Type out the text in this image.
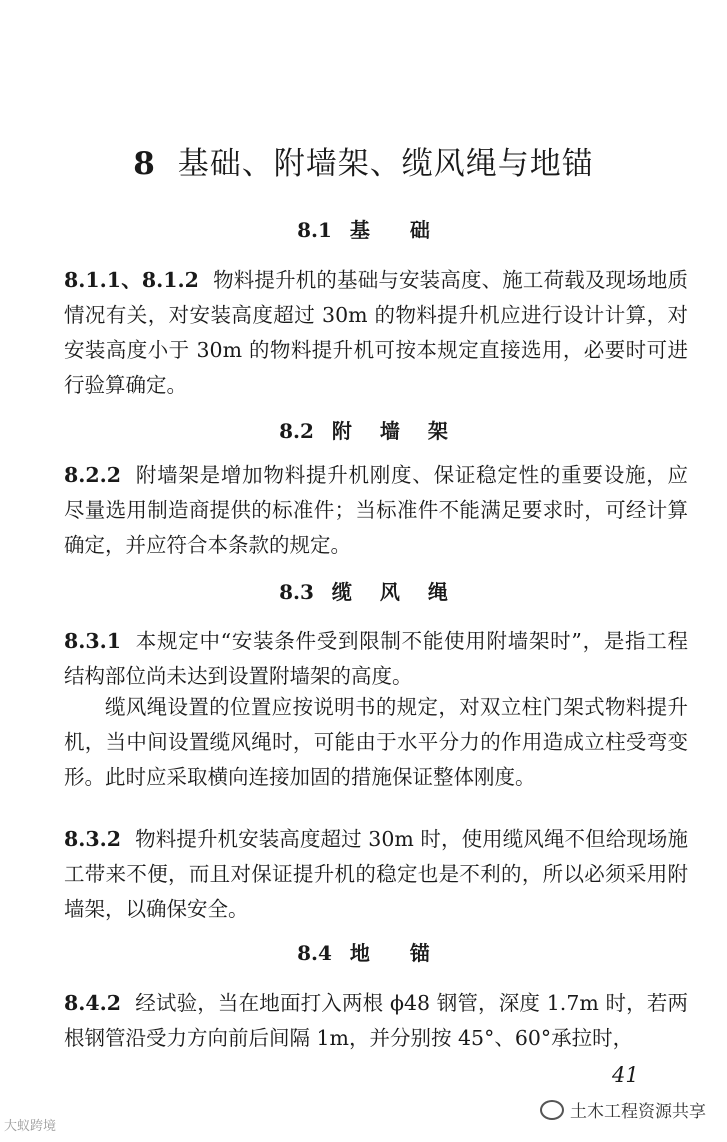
8 基础、附墙架、缆风绳与地锚
8.1 基础
8.1.1、8.1.2 物料提升机的基础与安装高度、施工荷载及现场地质情况有关，对安装高度超过 30m 的物料提升机应进行设计计算，对安装高度小于 30m 的物料提升机可按本规定直接选用，必要时可进行验算确定。
8.2 附墙架
8.2.2 附墙架是增加物料提升机刚度、保证稳定性的重要设施，应尽量选用制造商提供的标准件；当标准件不能满足要求时，可经计算确定，并应符合本条款的规定。
8.3 缆风绳
8.3.1 本规定中“安装条件受到限制不能使用附墙架时”，是指工程结构部位尚未达到设置附墙架的高度。
缆风绳设置的位置应按说明书的规定，对双立柱门架式物料提升机，当中间设置缆风绳时，可能由于水平分力的作用造成立柱受弯变形。此时应采取横向连接加固的措施保证整体刚度。
8.3.2 物料提升机安装高度超过 30m 时，使用缆风绳不但给现场施工带来不便，而且对保证提升机的稳定也是不利的，所以必须采用附墙架，以确保安全。
8.4 地锚
8.4.2 经试验，当在地面打入两根 ϕ48 钢管，深度 1.7m 时，若两根钢管沿受力方向前后间隔 1m，并分别按 45°、60°承拉时，
41
土木工程资源共享
大蚁跨境
